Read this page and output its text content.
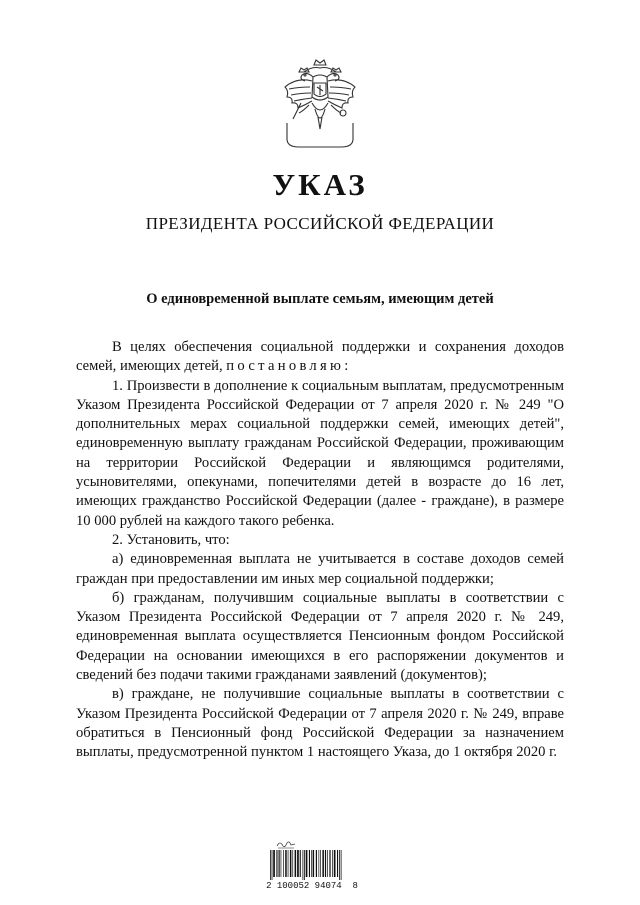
УКАЗ
ПРЕЗИДЕНТА РОССИЙСКОЙ ФЕДЕРАЦИИ
О единовременной выплате семьям, имеющим детей

В целях обеспечения социальной поддержки и сохранения доходов семей, имеющих детей, постановляю:

1. Произвести в дополнение к социальным выплатам, предусмотренным Указом Президента Российской Федерации от 7 апреля 2020 г. № 249 "О дополнительных мерах социальной поддержки семей, имеющих детей", единовременную выплату гражданам Российской Федерации, проживающим на территории Российской Федерации и являющимся родителями, усыновителями, опекунами, попечителями детей в возрасте до 16 лет, имеющих гражданство Российской Федерации (далее - граждане), в размере 10 000 рублей на каждого такого ребенка.

2. Установить, что:

а) единовременная выплата не учитывается в составе доходов семей граждан при предоставлении им иных мер социальной поддержки;

б) гражданам, получившим социальные выплаты в соответствии с Указом Президента Российской Федерации от 7 апреля 2020 г. № 249, единовременная выплата осуществляется Пенсионным фондом Российской Федерации на основании имеющихся в его распоряжении документов и сведений без подачи такими гражданами заявлений (документов);

в) граждане, не получившие социальные выплаты в соответствии с Указом Президента Российской Федерации от 7 апреля 2020 г. № 249, вправе обратиться в Пенсионный фонд Российской Федерации за назначением выплаты, предусмотренной пунктом 1 настоящего Указа, до 1 октября 2020 г.

2 100052 94074  8
